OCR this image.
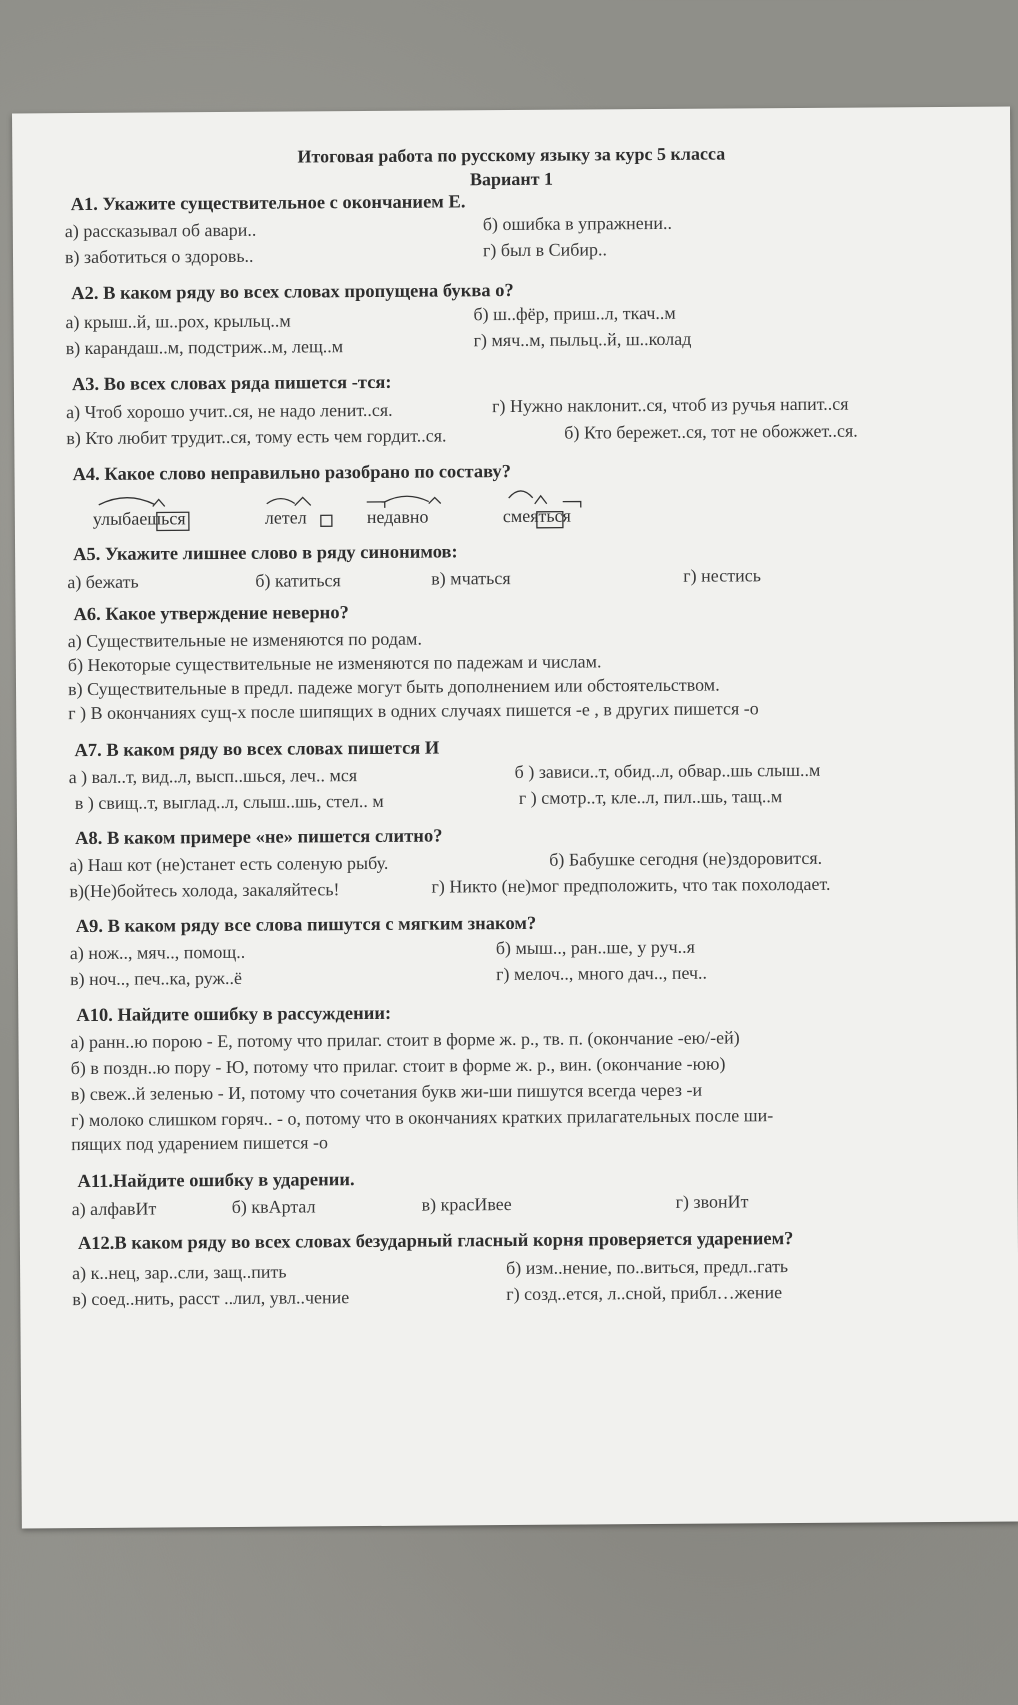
Итоговая работа по русскому языку за курс 5 класса
Вариант 1
А1. Укажите существительное с окончанием Е.
а) рассказывал об авари..	б) ошибка в упражнени..
в) заботиться о здоровь..	г) был в Сибир..
А2. В каком ряду во всех словах пропущена буква о?
а) крыш..й, ш..рох, крыльц..м	б) ш..фёр, приш..л, ткач..м
в) карандаш..м, подстриж..м, лещ..м	г) мяч..м, пыльц..й, ш..колад
А3. Во всех словах ряда пишется -тся:
а) Чтоб хорошо учит..ся, не надо ленит..ся.	г) Нужно наклонит..ся, чтоб из ручья напит..ся
в) Кто любит трудит..ся, тому есть чем гордит..ся.	б) Кто бережет..ся, тот не обожжет..ся.
А4. Какое слово неправильно разобрано по составу?
улыбаешься	летел	недавно	смеяться
А5. Укажите лишнее слово в ряду синонимов:
а) бежать	б) катиться	в) мчаться	г) нестись
А6. Какое утверждение неверно?
а) Существительные не изменяются по родам.
б) Некоторые существительные не изменяются по падежам и числам.
в) Существительные в предл. падеже могут быть дополнением или обстоятельством.
г ) В окончаниях сущ-х после шипящих в одних случаях пишется -е , в других пишется -о
А7. В каком ряду во всех словах пишется И
а ) вал..т, вид..л, высп..шься, леч.. мся	б ) зависи..т, обид..л, обвар..шь слыш..м
в ) свищ..т, выглад..л, слыш..шь, стел.. м	г ) смотр..т, кле..л, пил..шь, тащ..м
А8. В каком примере «не» пишется слитно?
а) Наш кот (не)станет есть соленую рыбу.	б) Бабушке сегодня (не)здоровится.
в)(Не)бойтесь холода, закаляйтесь!	г) Никто (не)мог предположить, что так похолодает.
А9. В каком ряду все слова пишутся с мягким знаком?
а) нож.., мяч.., помощ..	б) мыш.., ран..ше, у руч..я
в) ноч.., печ..ка, руж..ё	г) мелоч.., много дач.., печ..
А10. Найдите ошибку в рассуждении:
а) ранн..ю порою - Е, потому что прилаг. стоит в форме ж. р., тв. п. (окончание -ею/-ей)
б) в поздн..ю пору - Ю, потому что прилаг. стоит в форме ж. р., вин. (окончание -юю)
в) свеж..й зеленью - И, потому что сочетания букв жи-ши пишутся всегда через -и
г) молоко слишком горяч.. - о, потому что в окончаниях кратких прилагательных после ши-
пящих под ударением пишется -о
А11.Найдите ошибку в ударении.
а) алфавИт	б) квАртал	в) красИвее	г) звонИт
А12.В каком ряду во всех словах безударный гласный корня проверяется ударением?
а) к..нец, зар..сли, защ..пить	б) изм..нение, по..виться, предл..гать
в) соед..нить, расст ..лил, увл..чение	г) созд..ется, л..сной, прибл…жение
